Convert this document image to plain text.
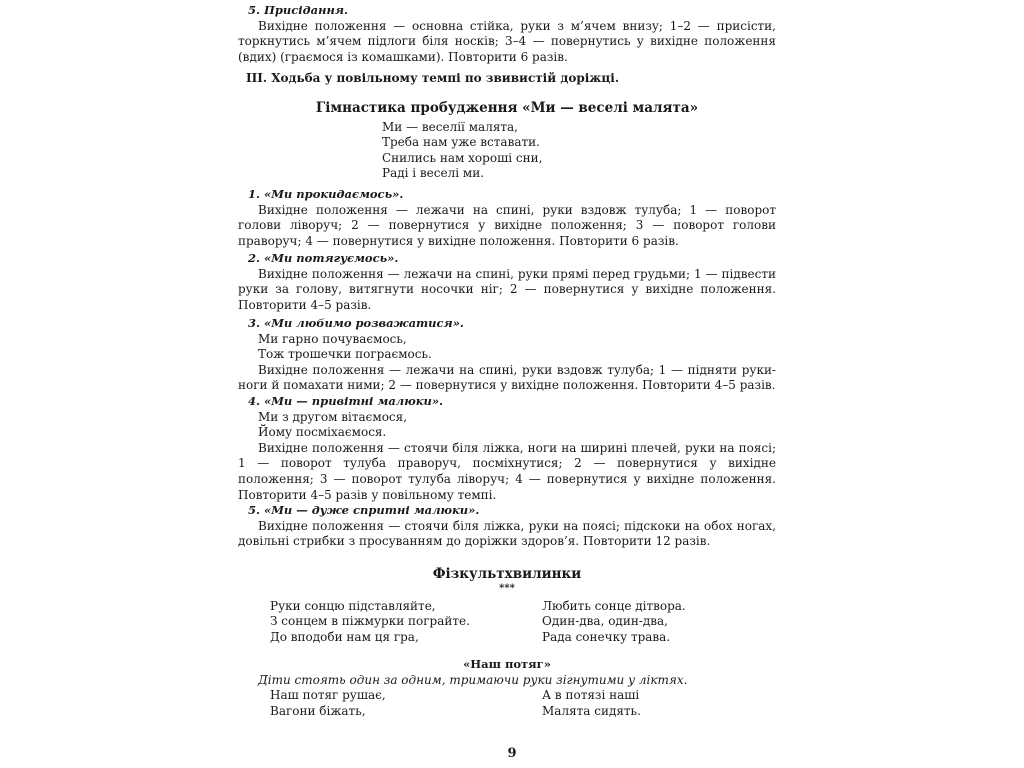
5. Присідання.

Вихідне положення — основна стійка, руки з м’ячем внизу; 1–2 — присісти, торкнутись м’ячем підлоги біля носків; 3–4 — повернутись у вихідне положення (вдих) (граємося із комашками). Повторити 6 разів.

ІІІ. Ходьба у повільному темпі по звивистій доріжці.

Гімнастика пробудження «Ми — веселі малята»

Ми — веселії малята,

Треба нам уже вставати.

Снились нам хороші сни,

Раді і веселі ми.

1. «Ми прокидаємось».

Вихідне положення — лежачи на спині, руки вздовж тулуба; 1 — поворот голови ліворуч; 2 — повернутися у вихідне положення; 3 — поворот голови праворуч; 4 — повернутися у вихідне положення. Повторити 6 разів.

2. «Ми потягуємось».

Вихідне положення — лежачи на спині, руки прямі перед грудьми; 1 — підвести руки за голову, витягнути носочки ніг; 2 — повернутися у вихідне положення. Повторити 4–5 разів.

3. «Ми любимо розважатися».

Ми гарно почуваємось,

Тож трошечки пограємось.

Вихідне положення — лежачи на спині, руки вздовж тулуба; 1 — підняти руки-ноги й помахати ними; 2 — повернутися у вихідне положення. Повторити 4–5 разів.

4. «Ми — привітні малюки».

Ми з другом вітаємося,

Йому посміхаємося.

Вихідне положення — стоячи біля ліжка, ноги на ширині плечей, руки на поясі; 1 — поворот тулуба праворуч, посміхнутися; 2 — повернутися у вихідне положення; 3 — поворот тулуба ліворуч; 4 — повернутися у вихідне положення. Повторити 4–5 разів у повільному темпі.

5. «Ми — дуже спритні малюки».

Вихідне положення — стоячи біля ліжка, руки на поясі; підскоки на обох ногах, довільні стрибки з просуванням до доріжки здоров’я. Повторити 12 разів.

Фізкультхвилинки

***

Руки сонцю підставляйте,

З сонцем в піжмурки пограйте.

До вподоби нам ця гра,

Любить сонце дітвора.

Один-два, один-два,

Рада сонечку трава.

«Наш потяг»

Діти стоять один за одним, тримаючи руки зігнутими у ліктях.

Наш потяг рушає,

Вагони біжать,

А в потязі наші

Малята сидять.

9
